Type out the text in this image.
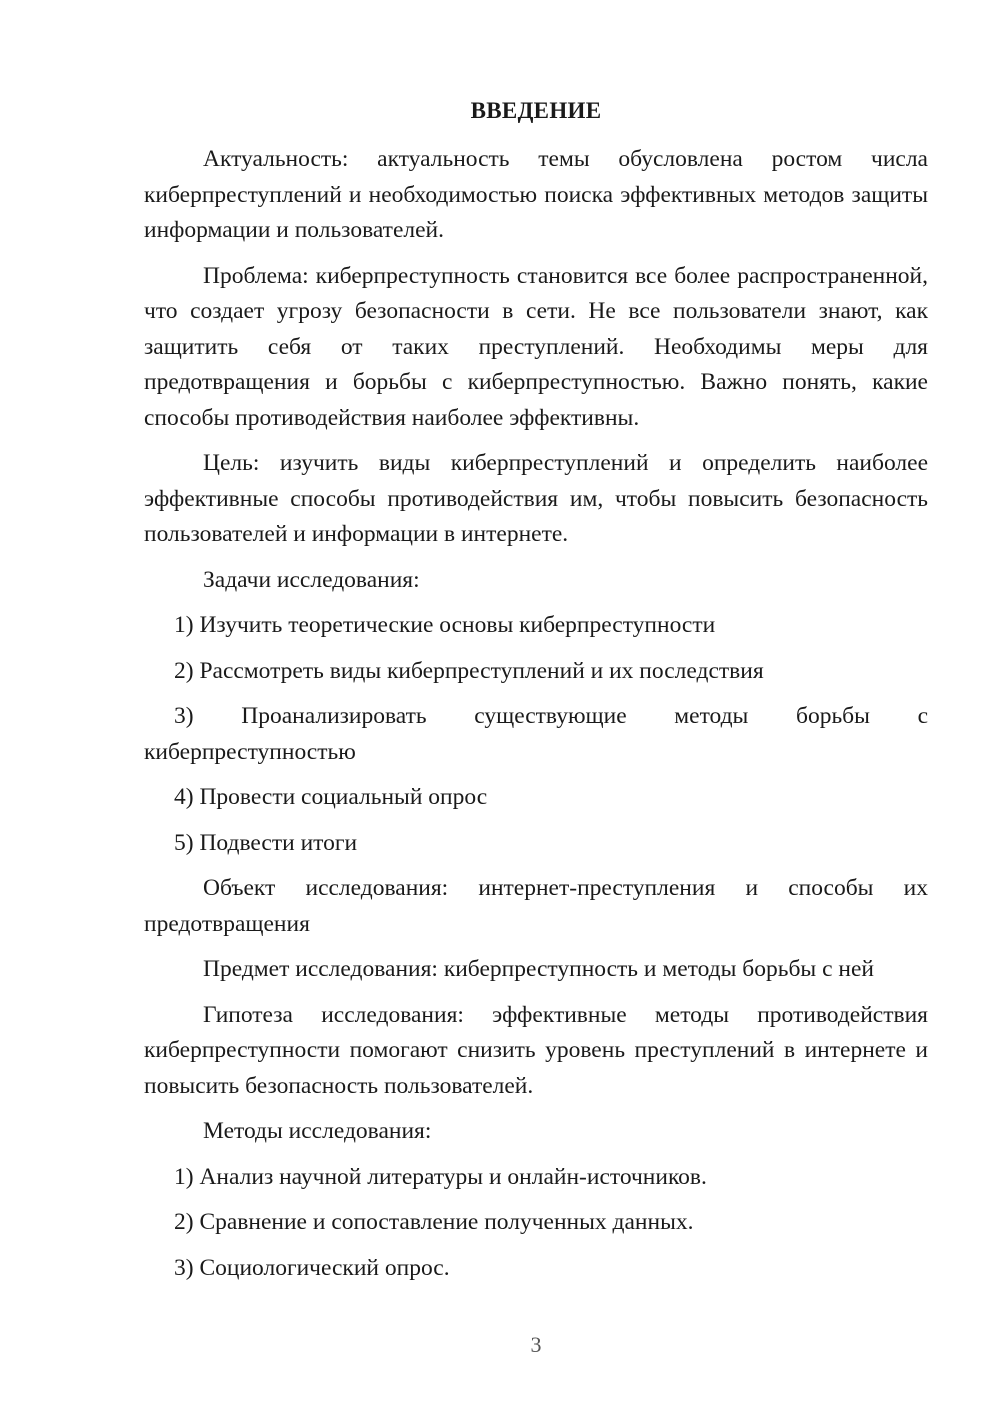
ВВЕДЕНИЕ

Актуальность: актуальность темы обусловлена ростом числа киберпреступлений и необходимостью поиска эффективных методов защиты информации и пользователей.

Проблема: киберпреступность становится все более распространенной, что создает угрозу безопасности в сети. Не все пользователи знают, как защитить себя от таких преступлений. Необходимы меры для предотвращения и борьбы с киберпреступностью. Важно понять, какие способы противодействия наиболее эффективны.

Цель: изучить виды киберпреступлений и определить наиболее эффективные способы противодействия им, чтобы повысить безопасность пользователей и информации в интернете.

Задачи исследования:

1) Изучить теоретические основы киберпреступности

2) Рассмотреть виды киберпреступлений и их последствия

3) Проанализировать существующие методы борьбы с киберпреступностью

4) Провести социальный опрос

5) Подвести итоги

Объект исследования: интернет-преступления и способы их предотвращения

Предмет исследования: киберпреступность и методы борьбы с ней

Гипотеза исследования: эффективные методы противодействия киберпреступности помогают снизить уровень преступлений в интернете и повысить безопасность пользователей.

Методы исследования:

1) Анализ научной литературы и онлайн-источников.

2) Сравнение и сопоставление полученных данных.

3) Социологический опрос.

3
